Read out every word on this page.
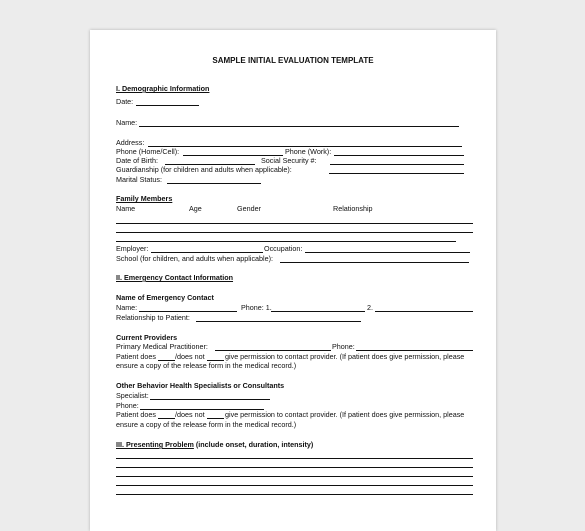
SAMPLE INITIAL EVALUATION TEMPLATE
I. Demographic Information
Date:
Name:
Address:
Phone (Home/Cell):	Phone (Work):
Date of Birth:	Social Security #:
Guardianship (for children and adults when applicable):
Marital Status:
Family Members
Name	Age	Gender	Relationship
Employer:	Occupation:
School (for children, and adults when applicable):
II. Emergency Contact Information
Name of Emergency Contact
Name:	Phone: 1.	2.
Relationship to Patient:
Current Providers
Primary Medical Practitioner:	Phone:
Patient does	/does not	give permission to contact provider. (If patient does give permission, please
ensure a copy of the release form in the medical record.)
Other Behavior Health Specialists or Consultants
Specialist:
Phone:
Patient does	/does not	give permission to contact provider. (If patient does give permission, please
ensure a copy of the release form in the medical record.)
III. Presenting Problem (include onset, duration, intensity)
